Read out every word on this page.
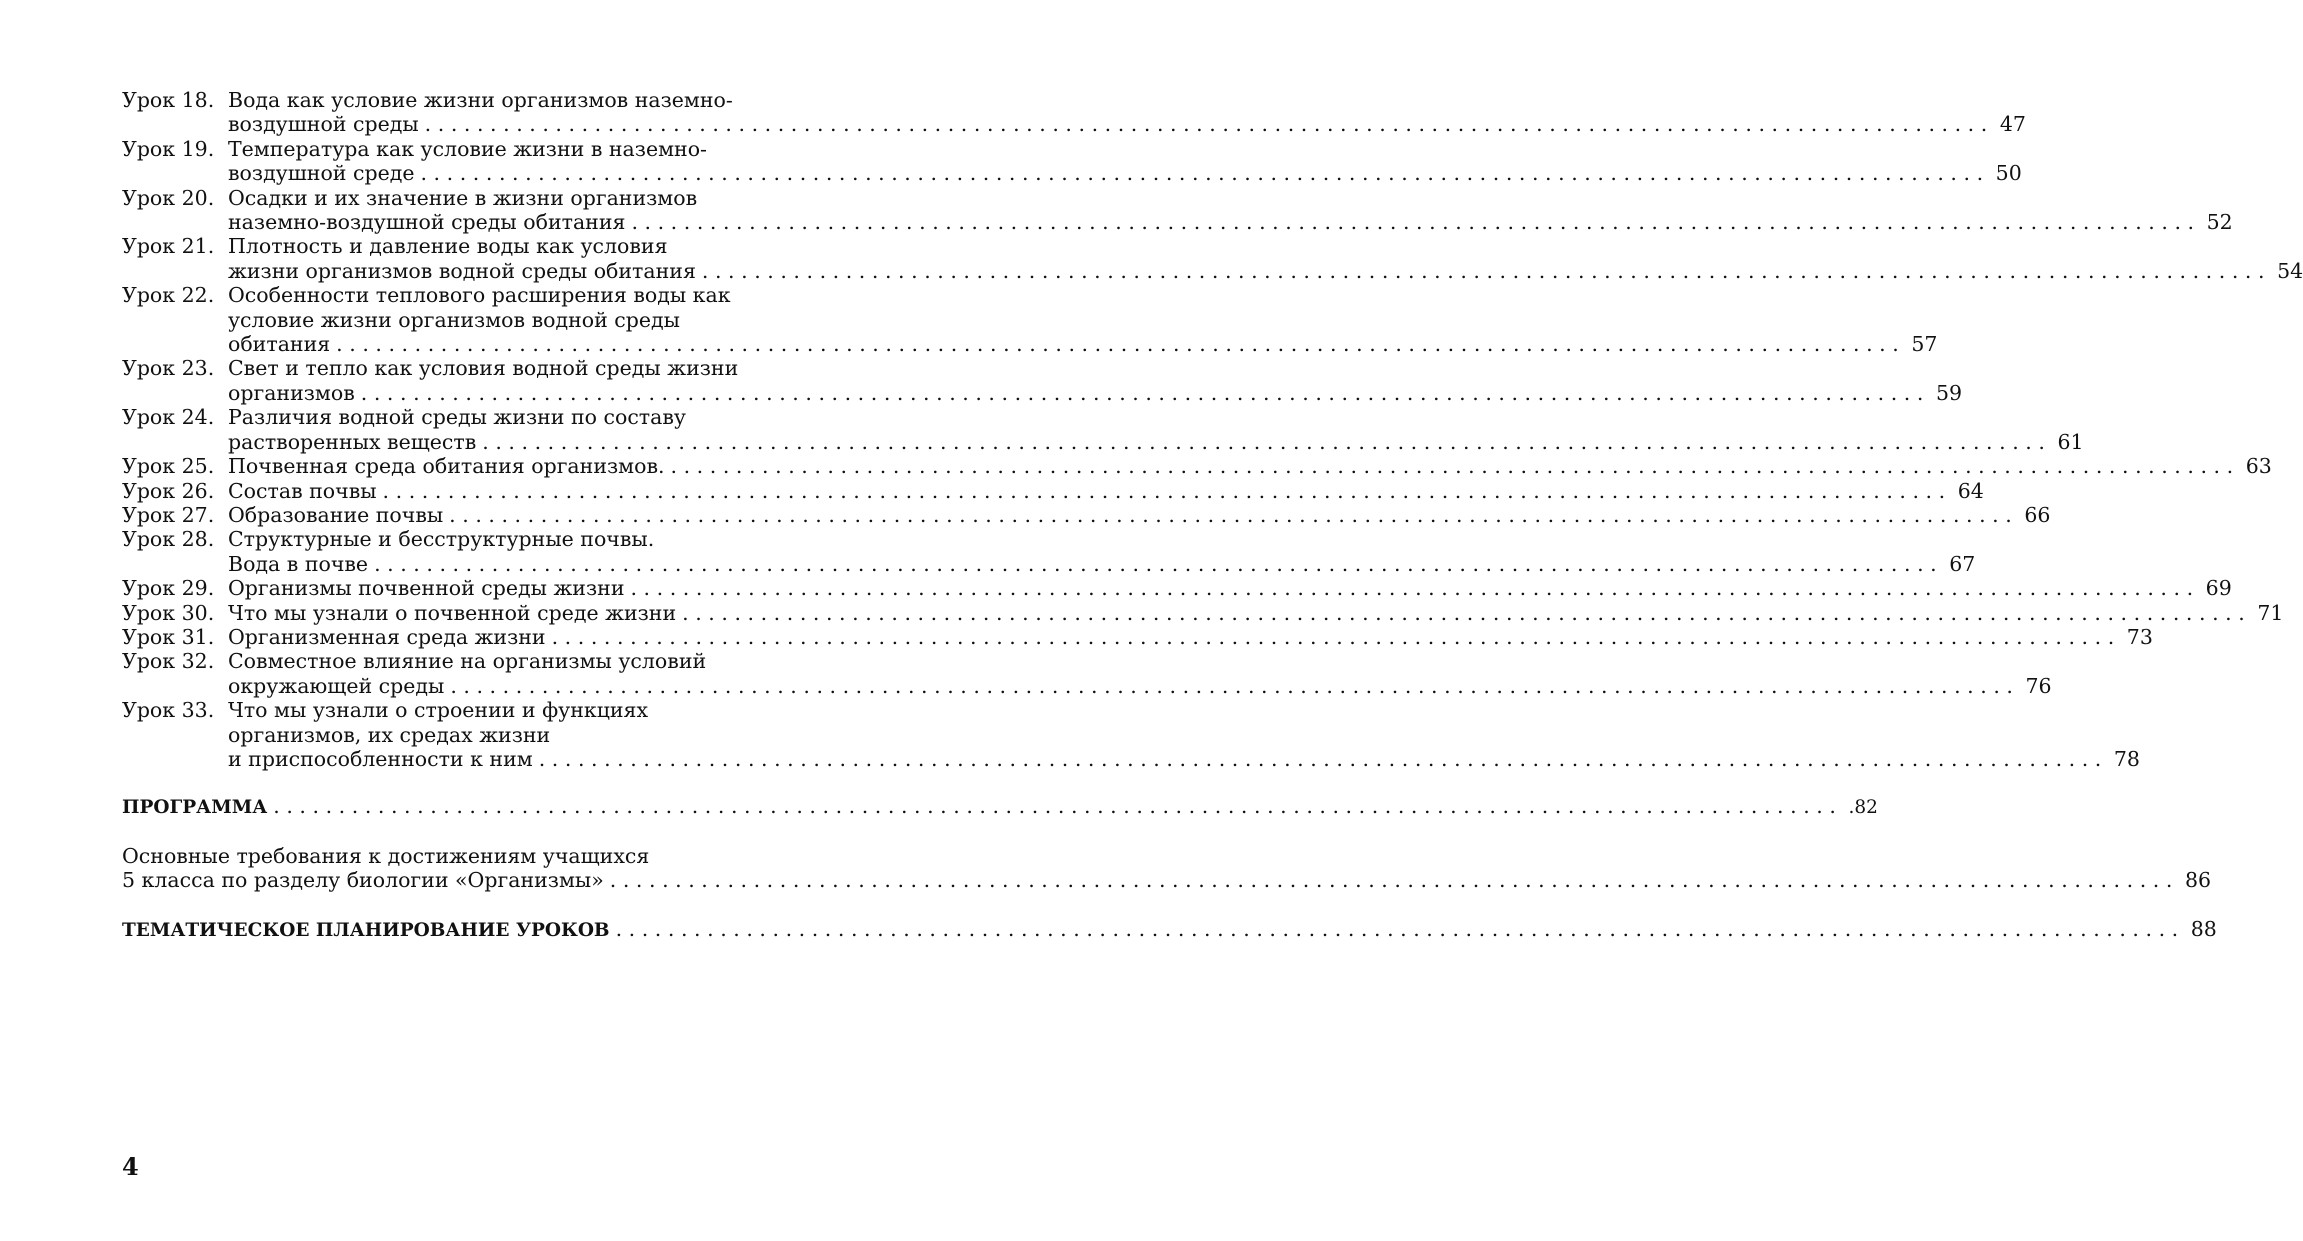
Урок 18. Вода как условие жизни организмов наземно-
воздушной среды ........................................................................................................................ 47
Урок 19. Температура как условие жизни в наземно-
воздушной среде ........................................................................................................................ 50
Урок 20. Осадки и их значение в жизни организмов
наземно-воздушной среды обитания ........................................................................................................................ 52
Урок 21. Плотность и давление воды как условия
жизни организмов водной среды обитания ........................................................................................................................ 54
Урок 22. Особенности теплового расширения воды как
условие жизни организмов водной среды
обитания ........................................................................................................................ 57
Урок 23. Свет и тепло как условия водной среды жизни
организмов ........................................................................................................................ 59
Урок 24. Различия водной среды жизни по составу
растворенных веществ ........................................................................................................................ 61
Урок 25. Почвенная среда обитания организмов. ........................................................................................................................ 63
Урок 26. Состав почвы ........................................................................................................................ 64
Урок 27. Образование почвы ........................................................................................................................ 66
Урок 28. Структурные и бесструктурные почвы.
Вода в почве ........................................................................................................................ 67
Урок 29. Организмы почвенной среды жизни ........................................................................................................................ 69
Урок 30. Что мы узнали о почвенной среде жизни ........................................................................................................................ 71
Урок 31. Организменная среда жизни ........................................................................................................................ 73
Урок 32. Совместное влияние на организмы условий
окружающей среды ........................................................................................................................ 76
Урок 33. Что мы узнали о строении и функциях
организмов, их средах жизни
и приспособленности к ним ........................................................................................................................ 78
ПРОГРАММА ........................................................................................................................ .82
Основные требования к достижениям учащихся
5 класса по разделу биологии «Организмы» ........................................................................................................................ 86
ТЕМАТИЧЕСКОЕ ПЛАНИРОВАНИЕ УРОКОВ ........................................................................................................................ 88
4
